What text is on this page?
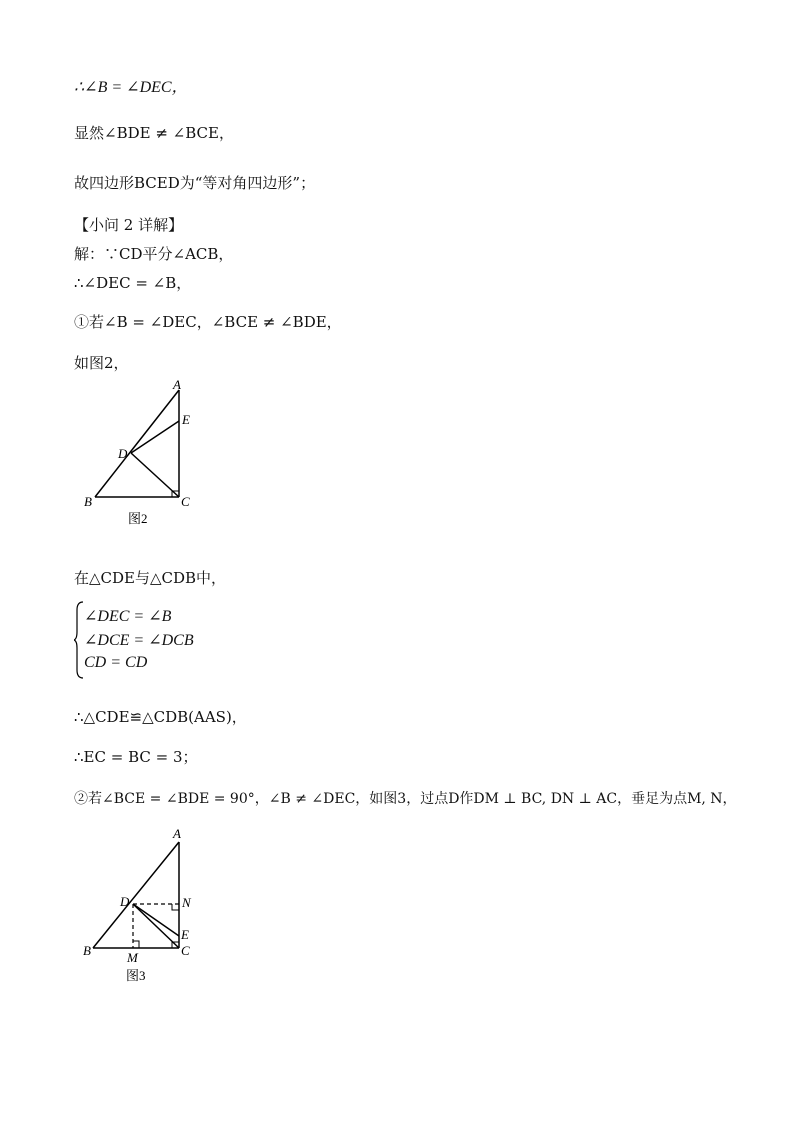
∴∠B = ∠DEC，
显然∠BDE ≠ ∠BCE，
故四边形BCED为“等对角四边形”；
【小问 2 详解】
解：∵CD平分∠ACB，
∴∠DEC = ∠B，
①若∠B = ∠DEC，∠BCE ≠ ∠BDE，
如图2，
A
E
D
B	C
图2
在△CDE与△CDB中，
∠DEC = ∠B
∠DCE = ∠DCB
CD = CD
∴△CDE≌△CDB(AAS)，
∴EC = BC = 3；
②若∠BCE = ∠BDE = 90°，∠B ≠ ∠DEC，如图3，过点D作DM ⊥ BC, DN ⊥ AC，垂足为点M, N，
A
D	N
E
B	C
M
图3
